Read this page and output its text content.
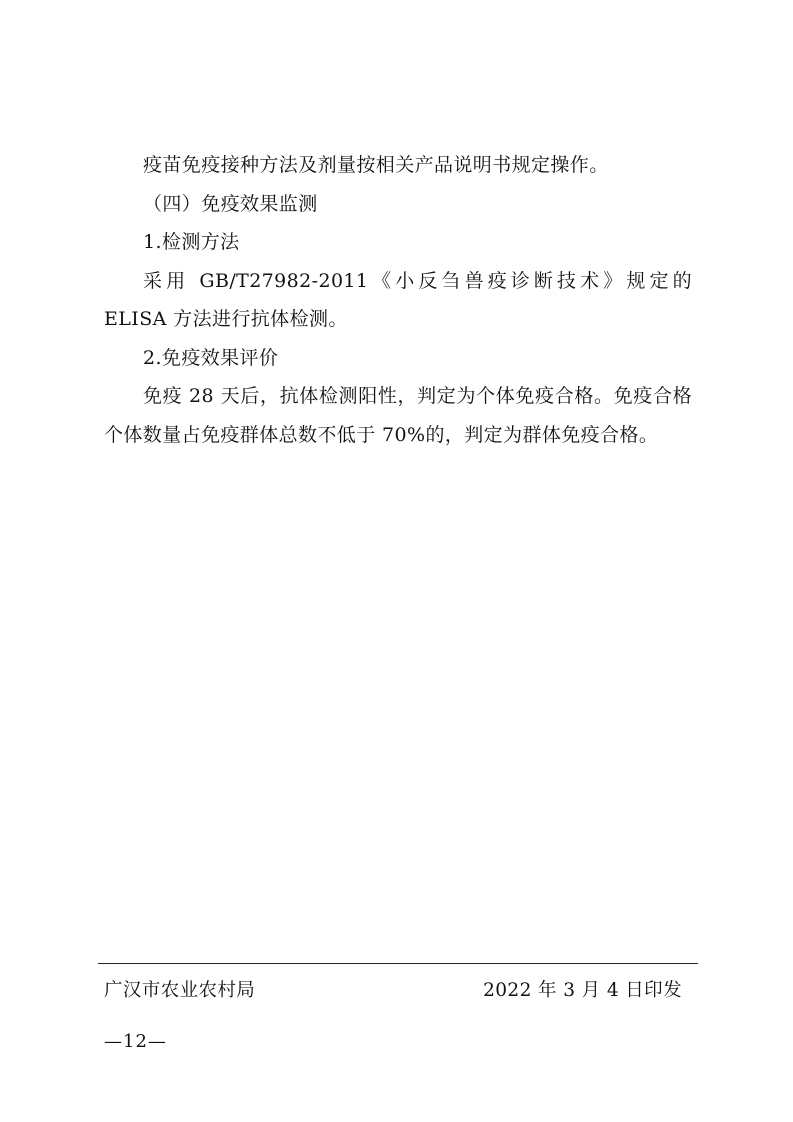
疫苗免疫接种方法及剂量按相关产品说明书规定操作。
（四）免疫效果监测
1.检测方法

采用 GB/T27982-2011《小反刍兽疫诊断技术》规定的 ELISA 方法进行抗体检测。

2.免疫效果评价

免疫 28 天后，抗体检测阳性，判定为个体免疫合格。免疫合格个体数量占免疫群体总数不低于 70%的，判定为群体免疫合格。

广汉市农业农村局	2022 年 3 月 4 日印发
—12—
